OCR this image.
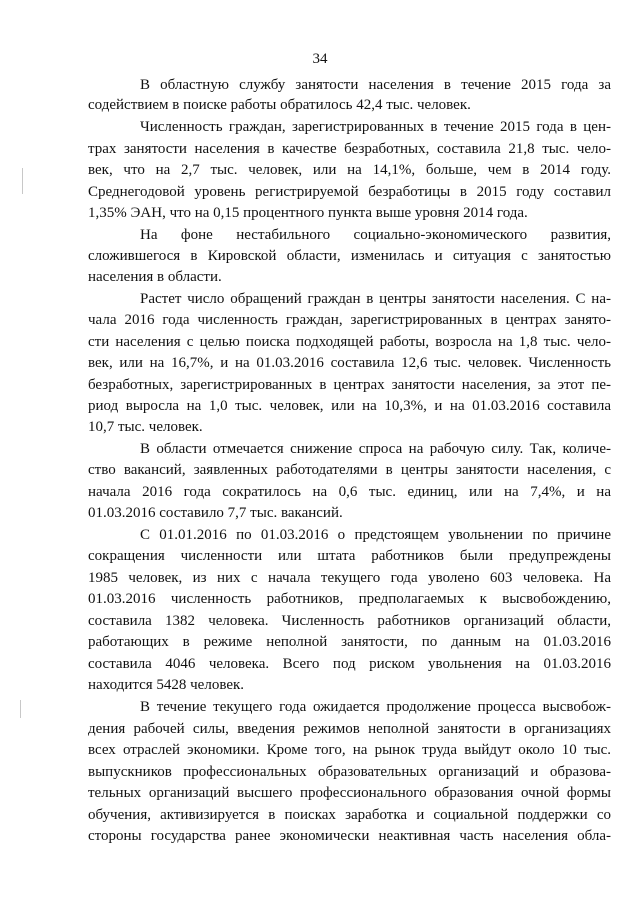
34
В областную службу занятости населения в течение 2015 года за
содействием в поиске работы обратилось 42,4 тыс. человек.
Численность граждан, зарегистрированных в течение 2015 года в цен-
трах занятости населения в качестве безработных, составила 21,8 тыс. чело-
век, что на 2,7 тыс. человек, или на 14,1%, больше, чем в 2014 году.
Среднегодовой уровень регистрируемой безработицы в 2015 году составил
1,35% ЭАН, что на 0,15 процентного пункта выше уровня 2014 года.
На фоне нестабильного социально-экономического развития,
сложившегося в Кировской области, изменилась и ситуация с занятостью
населения в области.
Растет число обращений граждан в центры занятости населения. С на-
чала 2016 года численность граждан, зарегистрированных в центрах занято-
сти населения с целью поиска подходящей работы, возросла на 1,8 тыс. чело-
век, или на 16,7%, и на 01.03.2016 составила 12,6 тыс. человек. Численность
безработных, зарегистрированных в центрах занятости населения, за этот пе-
риод выросла на 1,0 тыс. человек, или на 10,3%, и на 01.03.2016 составила
10,7 тыс. человек.
В области отмечается снижение спроса на рабочую силу. Так, количе-
ство вакансий, заявленных работодателями в центры занятости населения, с
начала 2016 года сократилось на 0,6 тыс. единиц, или на 7,4%, и на
01.03.2016 составило 7,7 тыс. вакансий.
С 01.01.2016 по 01.03.2016 о предстоящем увольнении по причине
сокращения численности или штата работников были предупреждены
1985 человек, из них с начала текущего года уволено 603 человека. На
01.03.2016 численность работников, предполагаемых к высвобождению,
составила 1382 человека. Численность работников организаций области,
работающих в режиме неполной занятости, по данным на 01.03.2016
составила 4046 человека. Всего под риском увольнения на 01.03.2016
находится 5428 человек.
В течение текущего года ожидается продолжение процесса высвобож-
дения рабочей силы, введения режимов неполной занятости в организациях
всех отраслей экономики. Кроме того, на рынок труда выйдут около 10 тыс.
выпускников профессиональных образовательных организаций и образова-
тельных организаций высшего профессионального образования очной формы
обучения, активизируется в поисках заработка и социальной поддержки со
стороны государства ранее экономически неактивная часть населения обла-
